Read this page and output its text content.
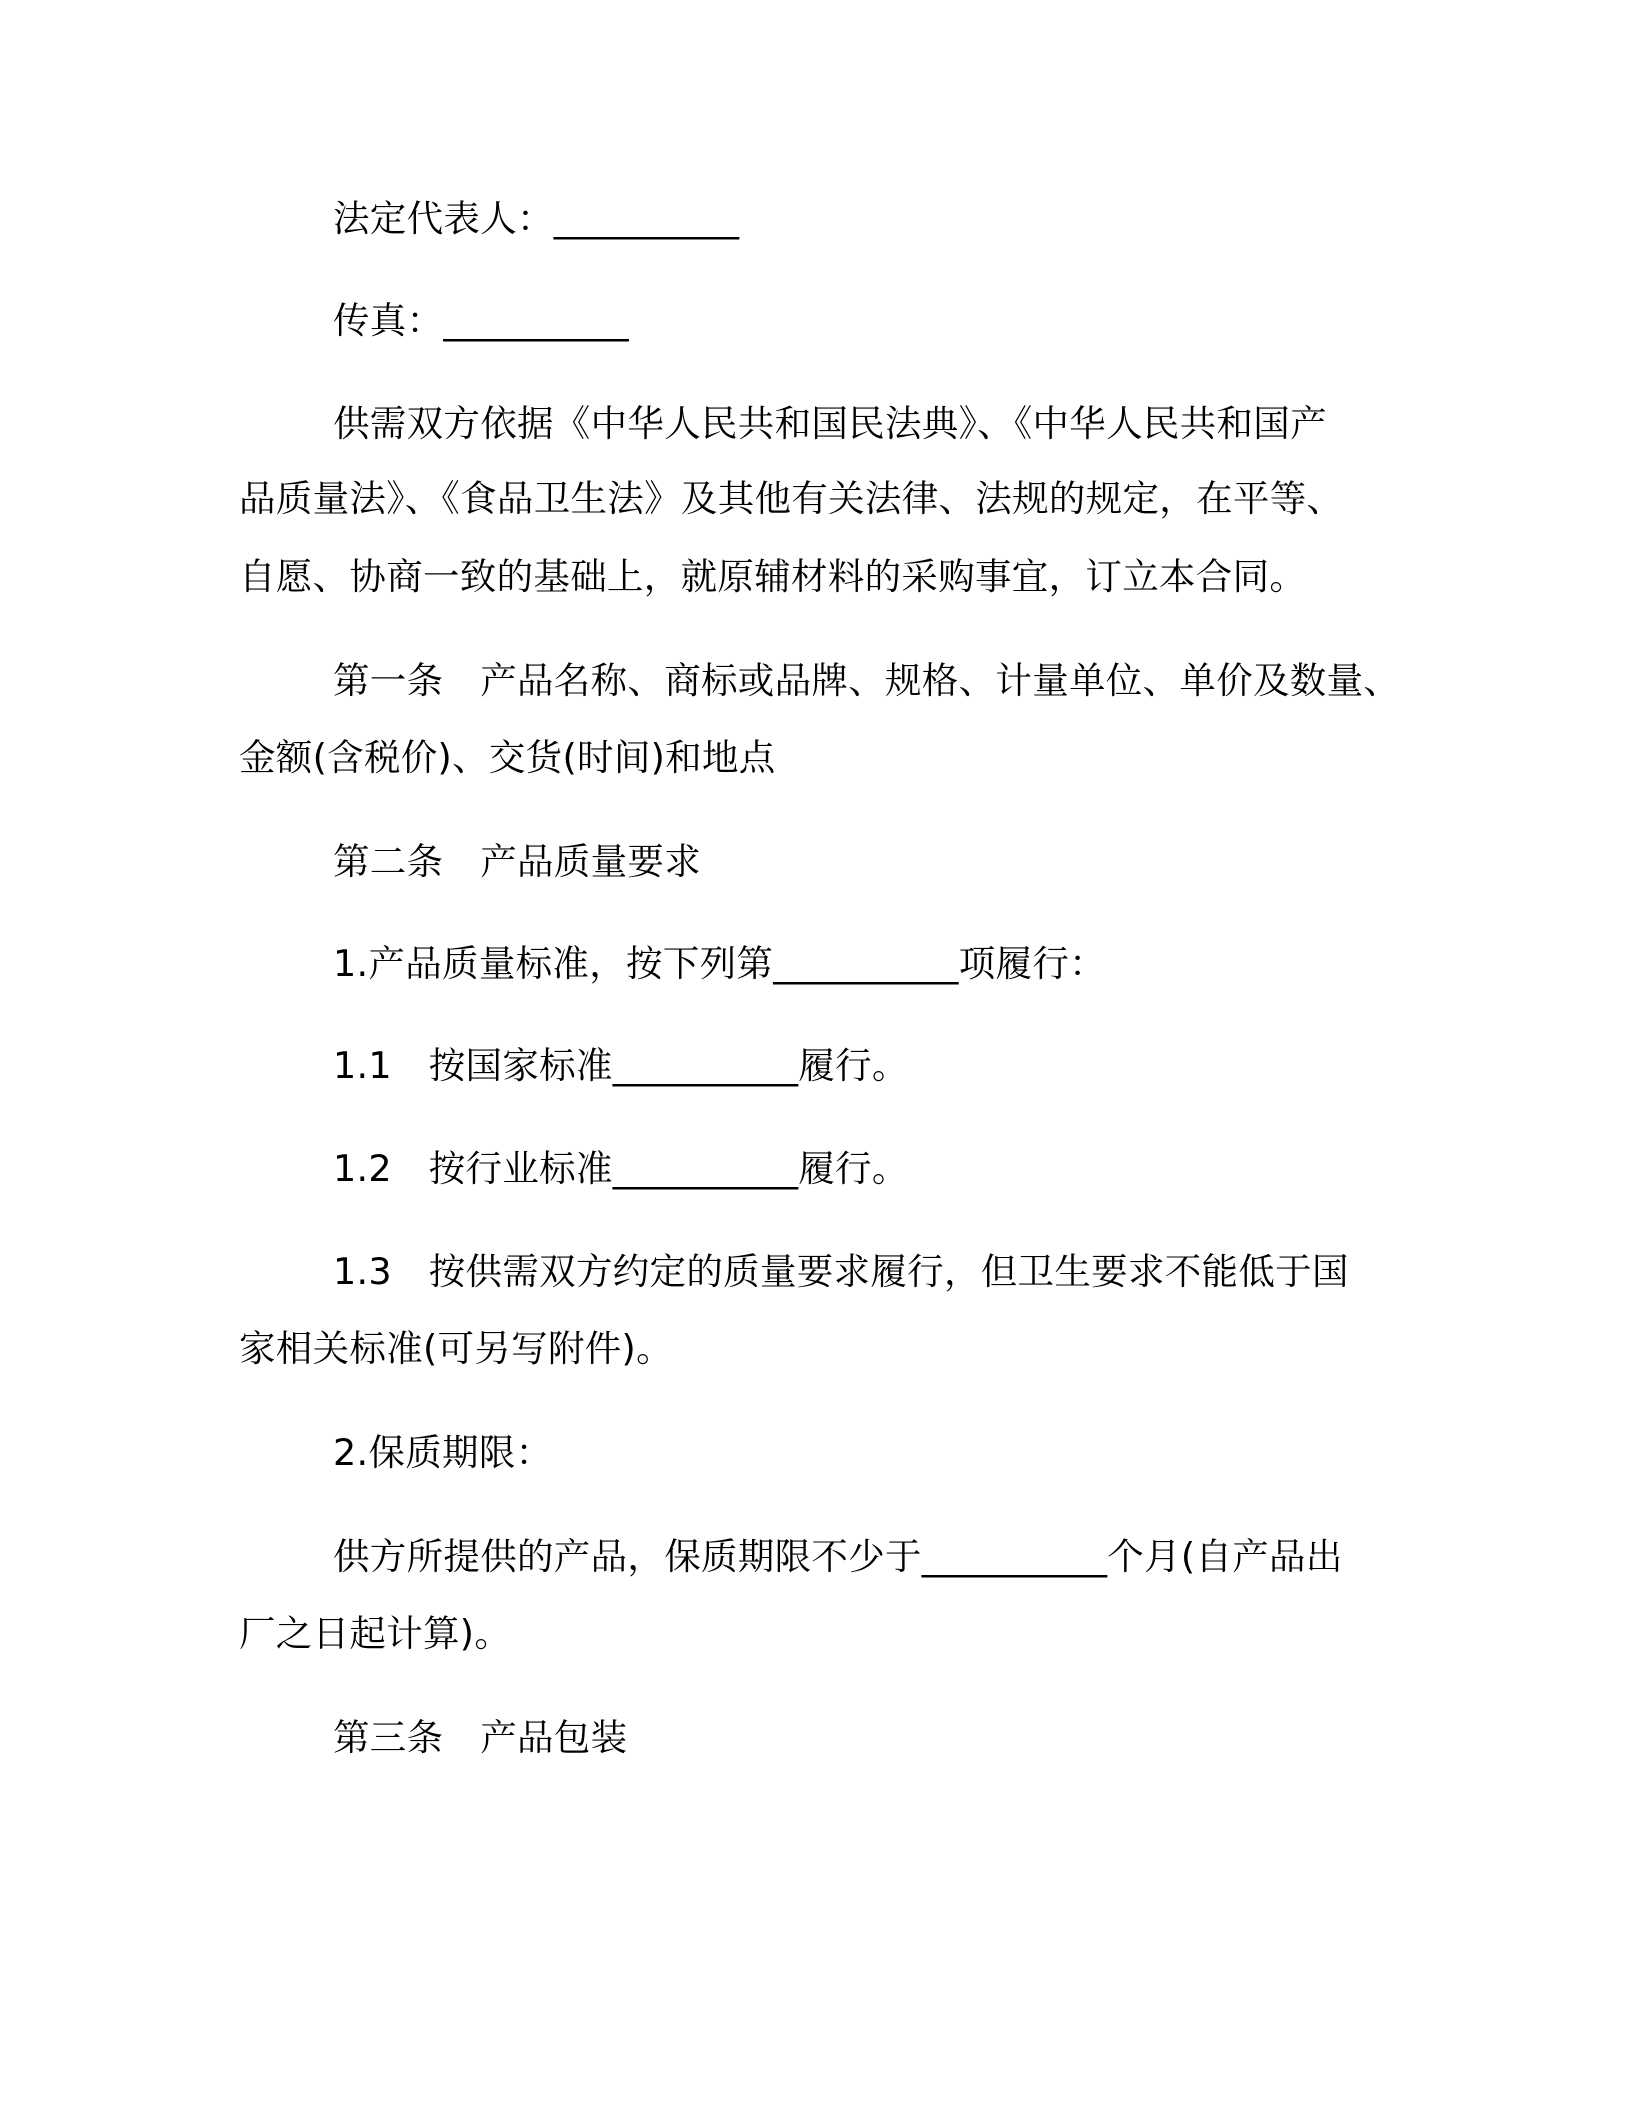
法定代表人：__________

传真：__________

供需双方依据《中华人民共和国民法典》、《中华人民共和国产

品质量法》、《食品卫生法》及其他有关法律、法规的规定，在平等、

自愿、协商一致的基础上，就原辅材料的采购事宜，订立本合同。

第一条　产品名称、商标或品牌、规格、计量单位、单价及数量、

金额(含税价)、交货(时间)和地点

第二条　产品质量要求

1.产品质量标准，按下列第__________项履行：

1.1　按国家标准__________履行。

1.2　按行业标准__________履行。

1.3　按供需双方约定的质量要求履行，但卫生要求不能低于国

家相关标准(可另写附件)。

2.保质期限：

供方所提供的产品，保质期限不少于__________个月(自产品出

厂之日起计算)。

第三条　产品包装
